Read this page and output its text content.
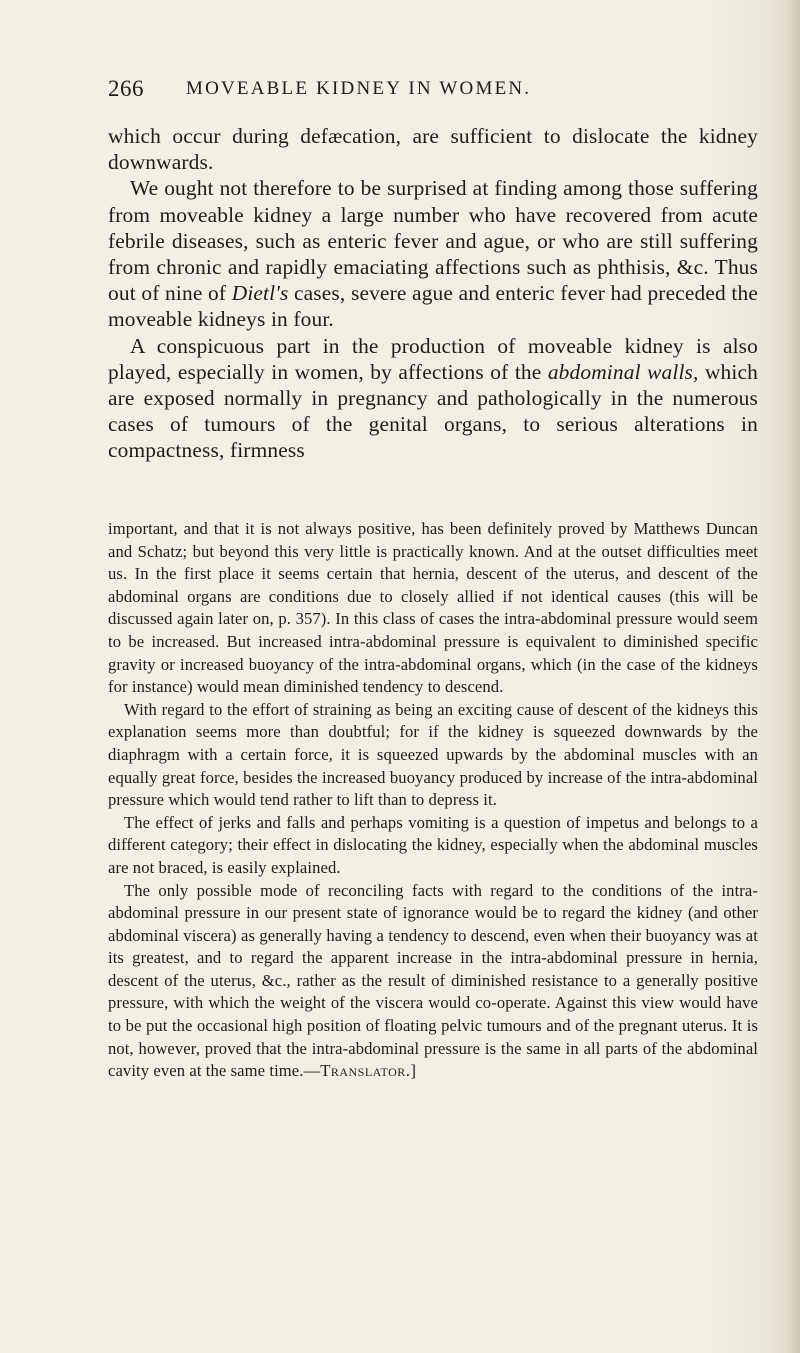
266 MOVEABLE KIDNEY IN WOMEN.

which occur during defæcation, are sufficient to dislocate the kidney downwards.

We ought not therefore to be surprised at finding among those suffering from moveable kidney a large number who have recovered from acute febrile diseases, such as enteric fever and ague, or who are still suffering from chronic and rapidly emaciating affections such as phthisis, &c. Thus out of nine of Dietl's cases, severe ague and enteric fever had preceded the moveable kidneys in four.

A conspicuous part in the production of moveable kidney is also played, especially in women, by affections of the abdominal walls, which are exposed normally in pregnancy and pathologically in the numerous cases of tumours of the genital organs, to serious alterations in compactness, firmness

important, and that it is not always positive, has been definitely proved by Matthews Duncan and Schatz; but beyond this very little is practically known. And at the outset difficulties meet us. In the first place it seems certain that hernia, descent of the uterus, and descent of the abdominal organs are conditions due to closely allied if not identical causes (this will be discussed again later on, p. 357). In this class of cases the intra-abdominal pressure would seem to be increased. But increased intra-abdominal pressure is equivalent to diminished specific gravity or increased buoyancy of the intra-abdominal organs, which (in the case of the kidneys for instance) would mean diminished tendency to descend.

With regard to the effort of straining as being an exciting cause of descent of the kidneys this explanation seems more than doubtful; for if the kidney is squeezed downwards by the diaphragm with a certain force, it is squeezed upwards by the abdominal muscles with an equally great force, besides the increased buoyancy produced by increase of the intra-abdominal pressure which would tend rather to lift than to depress it.

The effect of jerks and falls and perhaps vomiting is a question of impetus and belongs to a different category; their effect in dislocating the kidney, especially when the abdominal muscles are not braced, is easily explained.

The only possible mode of reconciling facts with regard to the conditions of the intra-abdominal pressure in our present state of ignorance would be to regard the kidney (and other abdominal viscera) as generally having a tendency to descend, even when their buoyancy was at its greatest, and to regard the apparent increase in the intra-abdominal pressure in hernia, descent of the uterus, &c., rather as the result of diminished resistance to a generally positive pressure, with which the weight of the viscera would co-operate. Against this view would have to be put the occasional high position of floating pelvic tumours and of the pregnant uterus. It is not, however, proved that the intra-abdominal pressure is the same in all parts of the abdominal cavity even at the same time.—Translator.]
